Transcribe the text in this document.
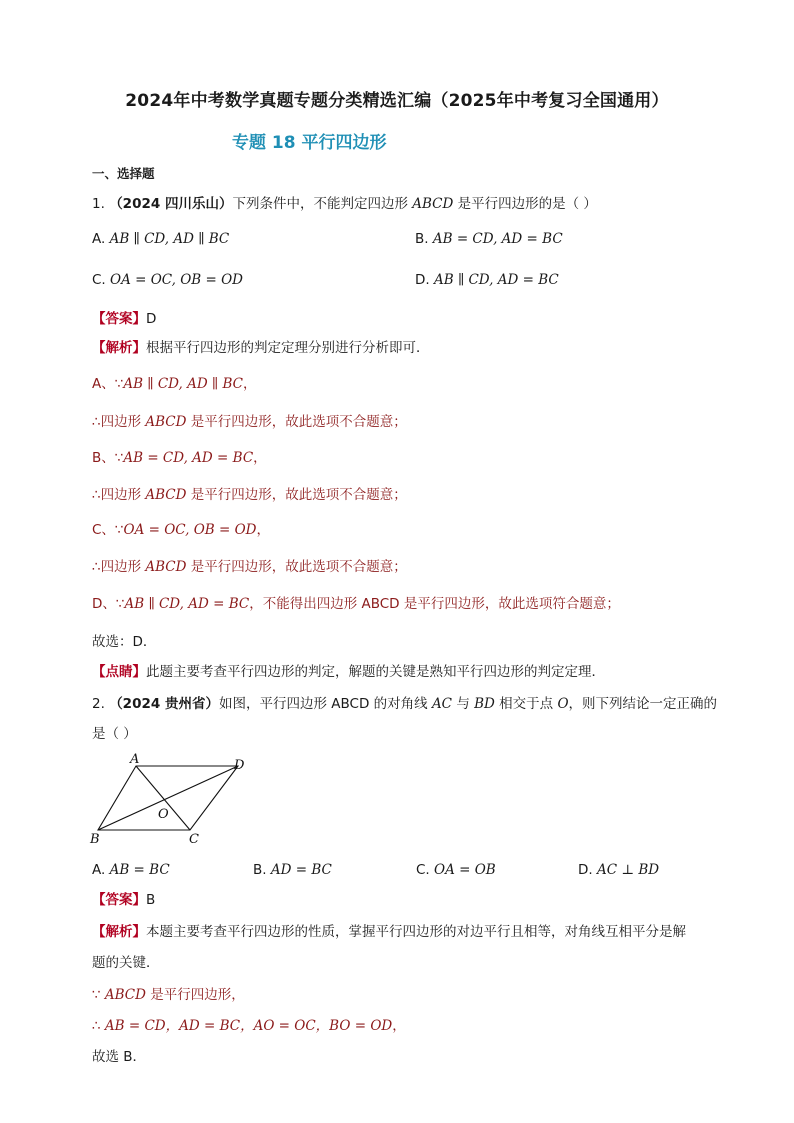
2024年中考数学真题专题分类精选汇编（2025年中考复习全国通用）
专题 18 平行四边形
一、选择题
1. （2024 四川乐山）下列条件中，不能判定四边形 ABCD 是平行四边形的是（ ）
A. AB ∥ CD, AD ∥ BC	B. AB = CD, AD = BC
C. OA = OC, OB = OD	D. AB ∥ CD, AD = BC
【答案】D
【解析】根据平行四边形的判定定理分别进行分析即可．
A、∵AB ∥ CD, AD ∥ BC，
∴四边形 ABCD 是平行四边形，故此选项不合题意；
B、∵AB = CD, AD = BC，
∴四边形 ABCD 是平行四边形，故此选项不合题意；
C、∵OA = OC, OB = OD，
∴四边形 ABCD 是平行四边形，故此选项不合题意；
D、∵AB ∥ CD, AD = BC，不能得出四边形 ABCD 是平行四边形，故此选项符合题意；
故选：D．
【点睛】此题主要考查平行四边形的判定，解题的关键是熟知平行四边形的判定定理．
2. （2024 贵州省）如图，平行四边形 ABCD 的对角线 AC 与 BD 相交于点 O，则下列结论一定正确的
是（ ）
A	D
B	C
O
A. AB = BC	B. AD = BC	C. OA = OB	D. AC ⊥ BD
【答案】B
【解析】本题主要考查平行四边形的性质，掌握平行四边形的对边平行且相等，对角线互相平分是解
题的关键．
∵ ABCD 是平行四边形，
∴ AB = CD，AD = BC，AO = OC，BO = OD，
故选 B．
